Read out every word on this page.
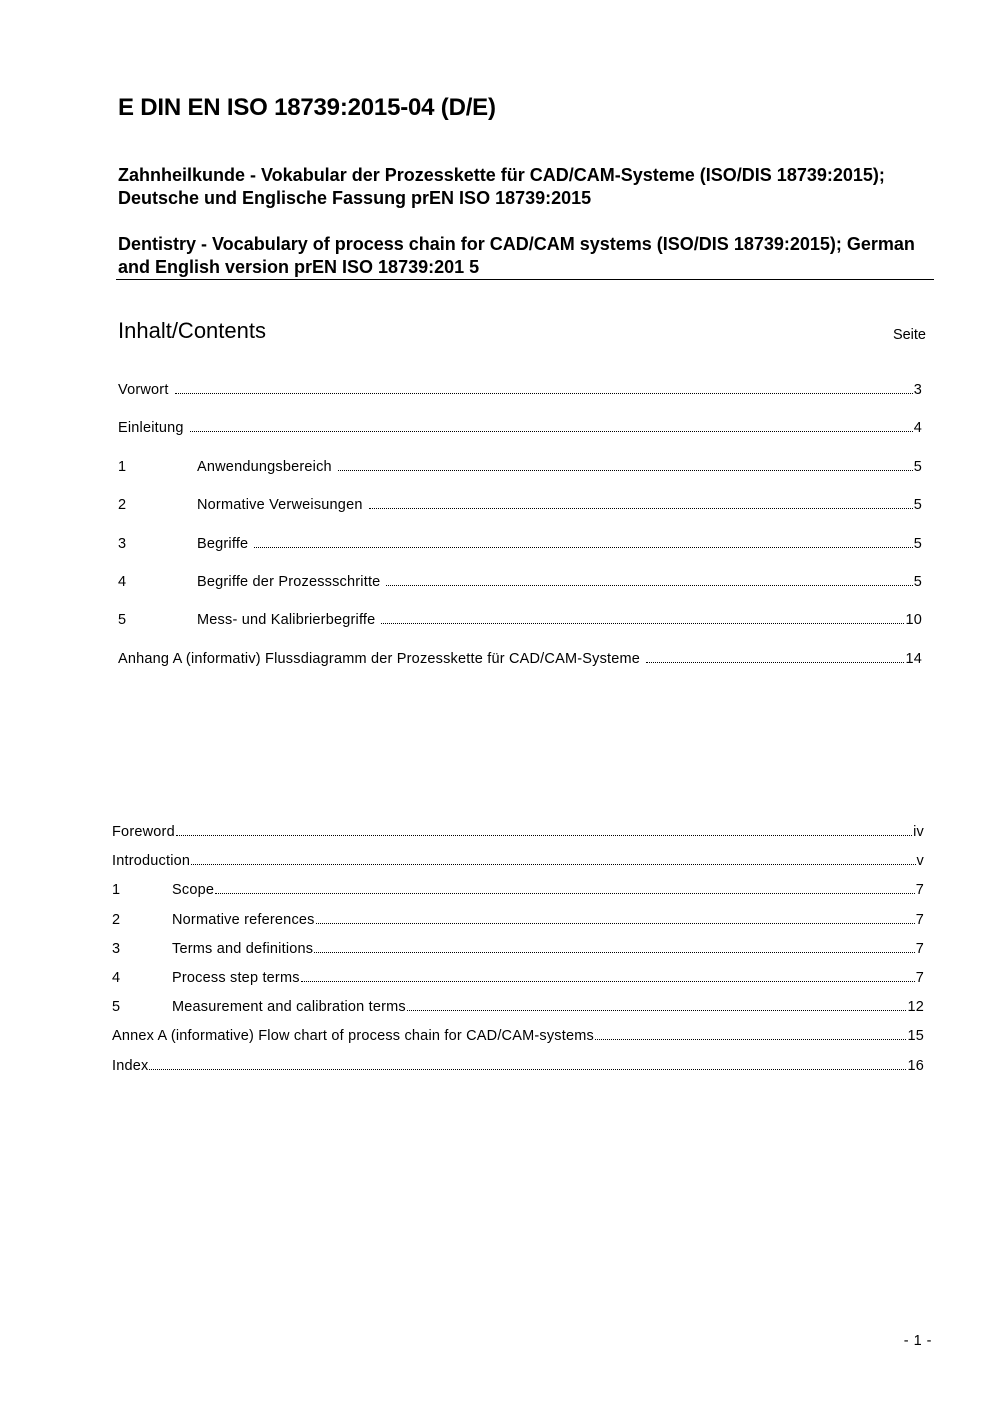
E DIN EN ISO 18739:2015-04 (D/E)

Zahnheilkunde - Vokabular der Prozesskette für CAD/CAM-Systeme (ISO/DIS 18739:2015); Deutsche und Englische Fassung prEN ISO 18739:2015

Dentistry - Vocabulary of process chain for CAD/CAM systems (ISO/DIS 18739:2015); German and English version prEN ISO 18739:201 5

Inhalt/Contents	Seite
Vorwort	3
Einleitung	4
1	Anwendungsbereich	5
2	Normative Verweisungen	5
3	Begriffe	5
4	Begriffe der Prozessschritte	5
5	Mess- und Kalibrierbegriffe	10
Anhang A (informativ) Flussdiagramm der Prozesskette für CAD/CAM-Systeme	14
Foreword	iv
Introduction	v
1	Scope	7
2	Normative references	7
3	Terms and definitions	7
4	Process step terms	7
5	Measurement and calibration terms	12
Annex A (informative) Flow chart of process chain for CAD/CAM-systems	15
Index	16
- 1 -
